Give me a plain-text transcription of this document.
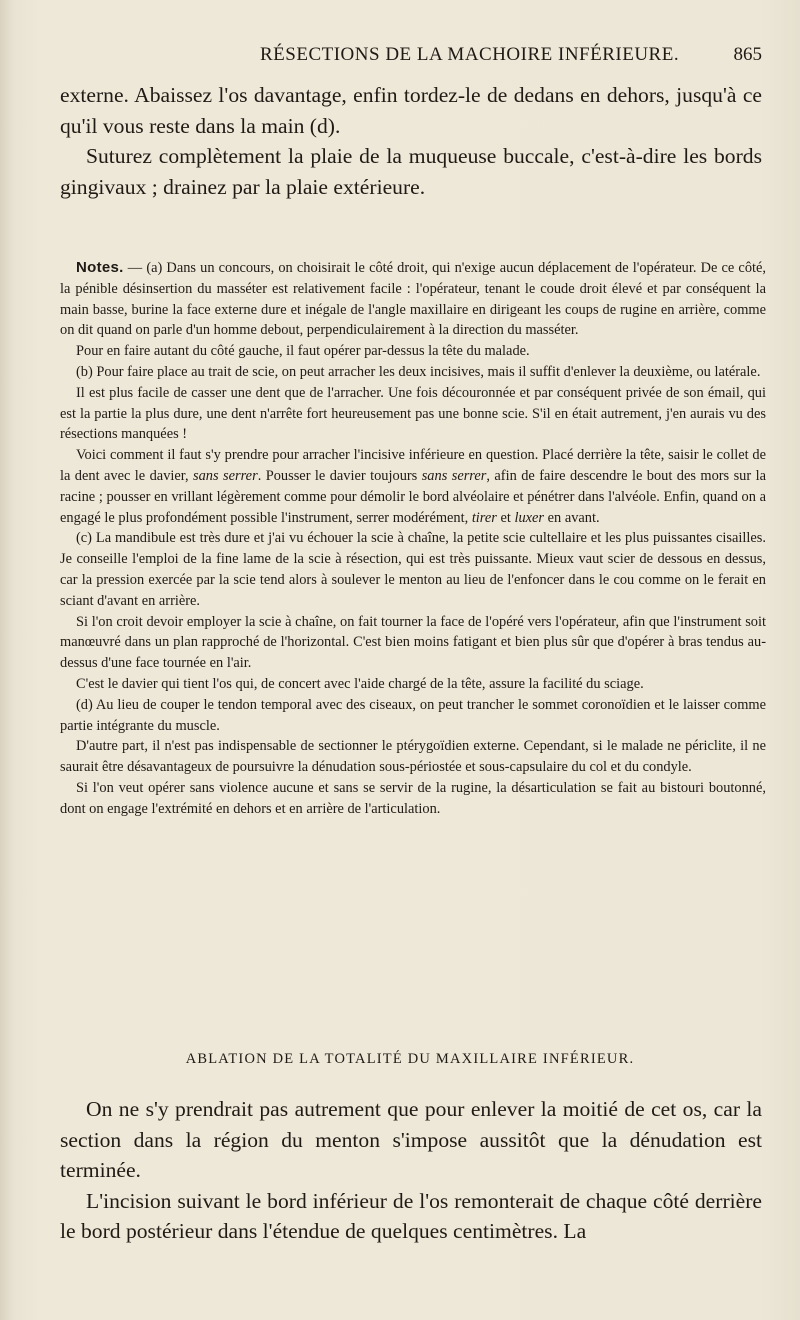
RÉSECTIONS DE LA MACHOIRE INFÉRIEURE.	865

externe. Abaissez l'os davantage, enfin tordez-le de dedans en dehors, jusqu'à ce qu'il vous reste dans la main (d).

Suturez complètement la plaie de la muqueuse buccale, c'est-à-dire les bords gingivaux ; drainez par la plaie extérieure.

Notes. — (a) Dans un concours, on choisirait le côté droit, qui n'exige aucun déplacement de l'opérateur. De ce côté, la pénible désinsertion du masséter est relativement facile : l'opérateur, tenant le coude droit élevé et par conséquent la main basse, burine la face externe dure et inégale de l'angle maxillaire en dirigeant les coups de rugine en arrière, comme on dit quand on parle d'un homme debout, perpendiculairement à la direction du masséter.

Pour en faire autant du côté gauche, il faut opérer par-dessus la tête du malade.

(b) Pour faire place au trait de scie, on peut arracher les deux incisives, mais il suffit d'enlever la deuxième, ou latérale.

Il est plus facile de casser une dent que de l'arracher. Une fois découronnée et par conséquent privée de son émail, qui est la partie la plus dure, une dent n'arrête fort heureusement pas une bonne scie. S'il en était autrement, j'en aurais vu des résections manquées !

Voici comment il faut s'y prendre pour arracher l'incisive inférieure en question. Placé derrière la tête, saisir le collet de la dent avec le davier, sans serrer. Pousser le davier toujours sans serrer, afin de faire descendre le bout des mors sur la racine ; pousser en vrillant légèrement comme pour démolir le bord alvéolaire et pénétrer dans l'alvéole. Enfin, quand on a engagé le plus profondément possible l'instrument, serrer modérément, tirer et luxer en avant.

(c) La mandibule est très dure et j'ai vu échouer la scie à chaîne, la petite scie cultellaire et les plus puissantes cisailles. Je conseille l'emploi de la fine lame de la scie à résection, qui est très puissante. Mieux vaut scier de dessous en dessus, car la pression exercée par la scie tend alors à soulever le menton au lieu de l'enfoncer dans le cou comme on le ferait en sciant d'avant en arrière.

Si l'on croit devoir employer la scie à chaîne, on fait tourner la face de l'opéré vers l'opérateur, afin que l'instrument soit manœuvré dans un plan rapproché de l'horizontal. C'est bien moins fatigant et bien plus sûr que d'opérer à bras tendus au-dessus d'une face tournée en l'air.

C'est le davier qui tient l'os qui, de concert avec l'aide chargé de la tête, assure la facilité du sciage.

(d) Au lieu de couper le tendon temporal avec des ciseaux, on peut trancher le sommet coronoïdien et le laisser comme partie intégrante du muscle.

D'autre part, il n'est pas indispensable de sectionner le ptérygoïdien externe. Cependant, si le malade ne périclite, il ne saurait être désavantageux de poursuivre la dénudation sous-périostée et sous-capsulaire du col et du condyle.

Si l'on veut opérer sans violence aucune et sans se servir de la rugine, la désarticulation se fait au bistouri boutonné, dont on engage l'extrémité en dehors et en arrière de l'articulation.

ABLATION DE LA TOTALITÉ DU MAXILLAIRE INFÉRIEUR.

On ne s'y prendrait pas autrement que pour enlever la moitié de cet os, car la section dans la région du menton s'impose aussitôt que la dénudation est terminée.

L'incision suivant le bord inférieur de l'os remonterait de chaque côté derrière le bord postérieur dans l'étendue de quelques centimètres. La
